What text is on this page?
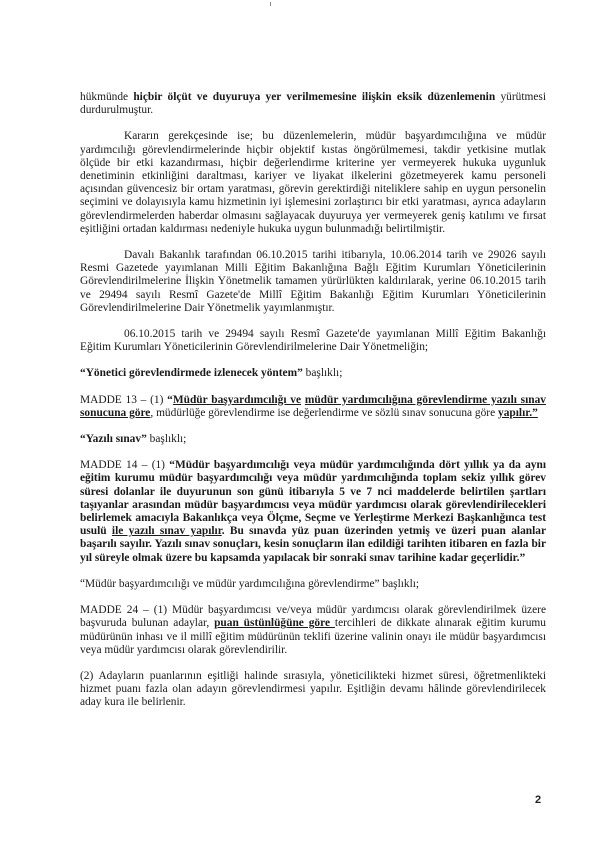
hükmünde hiçbir ölçüt ve duyuruya yer verilmemesine ilişkin eksik düzenlemenin yürütmesi durdurulmuştur.

Kararın gerekçesinde ise; bu düzenlemelerin, müdür başyardımcılığına ve müdür yardımcılığı görevlendirmelerinde hiçbir objektif kıstas öngörülmemesi, takdir yetkisine mutlak ölçüde bir etki kazandırması, hiçbir değerlendirme kriterine yer vermeyerek hukuka uygunluk denetiminin etkinliğini daraltması, kariyer ve liyakat ilkelerini gözetmeyerek kamu personeli açısından güvencesiz bir ortam yaratması, görevin gerektirdiği niteliklere sahip en uygun personelin seçimini ve dolayısıyla kamu hizmetinin iyi işlemesini zorlaştırıcı bir etki yaratması, ayrıca adayların görevlendirmelerden haberdar olmasını sağlayacak duyuruya yer vermeyerek geniş katılımı ve fırsat eşitliğini ortadan kaldırması nedeniyle hukuka uygun bulunmadığı belirtilmiştir.

Davalı Bakanlık tarafından 06.10.2015 tarihi itibarıyla, 10.06.2014 tarih ve 29026 sayılı Resmi Gazetede yayımlanan Milli Eğitim Bakanlığına Bağlı Eğitim Kurumları Yöneticilerinin Görevlendirilmelerine İlişkin Yönetmelik tamamen yürürlükten kaldırılarak, yerine 06.10.2015 tarih ve 29494 sayılı Resmî Gazete'de Millî Eğitim Bakanlığı Eğitim Kurumları Yöneticilerinin Görevlendirilmelerine Dair Yönetmelik yayımlanmıştır.

06.10.2015 tarih ve 29494 sayılı Resmî Gazete'de yayımlanan Millî Eğitim Bakanlığı Eğitim Kurumları Yöneticilerinin Görevlendirilmelerine Dair Yönetmeliğin;

“Yönetici görevlendirmede izlenecek yöntem” başlıklı;

MADDE 13 – (1) “Müdür başyardımcılığı ve müdür yardımcılığına görevlendirme yazılı sınav sonucuna göre, müdürlüğe görevlendirme ise değerlendirme ve sözlü sınav sonucuna göre yapılır.”

“Yazılı sınav” başlıklı;

MADDE 14 – (1) “Müdür başyardımcılığı veya müdür yardımcılığında dört yıllık ya da aynı eğitim kurumu müdür başyardımcılığı veya müdür yardımcılığında toplam sekiz yıllık görev süresi dolanlar ile duyurunun son günü itibarıyla 5 ve 7 nci maddelerde belirtilen şartları taşıyanlar arasından müdür başyardımcısı veya müdür yardımcısı olarak görevlendirilecekleri belirlemek amacıyla Bakanlıkça veya Ölçme, Seçme ve Yerleştirme Merkezi Başkanlığınca test usulü ile yazılı sınav yapılır. Bu sınavda yüz puan üzerinden yetmiş ve üzeri puan alanlar başarılı sayılır. Yazılı sınav sonuçları, kesin sonuçların ilan edildiği tarihten itibaren en fazla bir yıl süreyle olmak üzere bu kapsamda yapılacak bir sonraki sınav tarihine kadar geçerlidir.”

“Müdür başyardımcılığı ve müdür yardımcılığına görevlendirme” başlıklı;

MADDE 24 – (1) Müdür başyardımcısı ve/veya müdür yardımcısı olarak görevlendirilmek üzere başvuruda bulunan adaylar, puan üstünlüğüne göre tercihleri de dikkate alınarak eğitim kurumu müdürünün inhası ve il millî eğitim müdürünün teklifi üzerine valinin onayı ile müdür başyardımcısı veya müdür yardımcısı olarak görevlendirilir.

(2) Adayların puanlarının eşitliği halinde sırasıyla, yöneticilikteki hizmet süresi, öğretmenlikteki hizmet puanı fazla olan adayın görevlendirmesi yapılır. Eşitliğin devamı hâlinde görevlendirilecek aday kura ile belirlenir.

2
